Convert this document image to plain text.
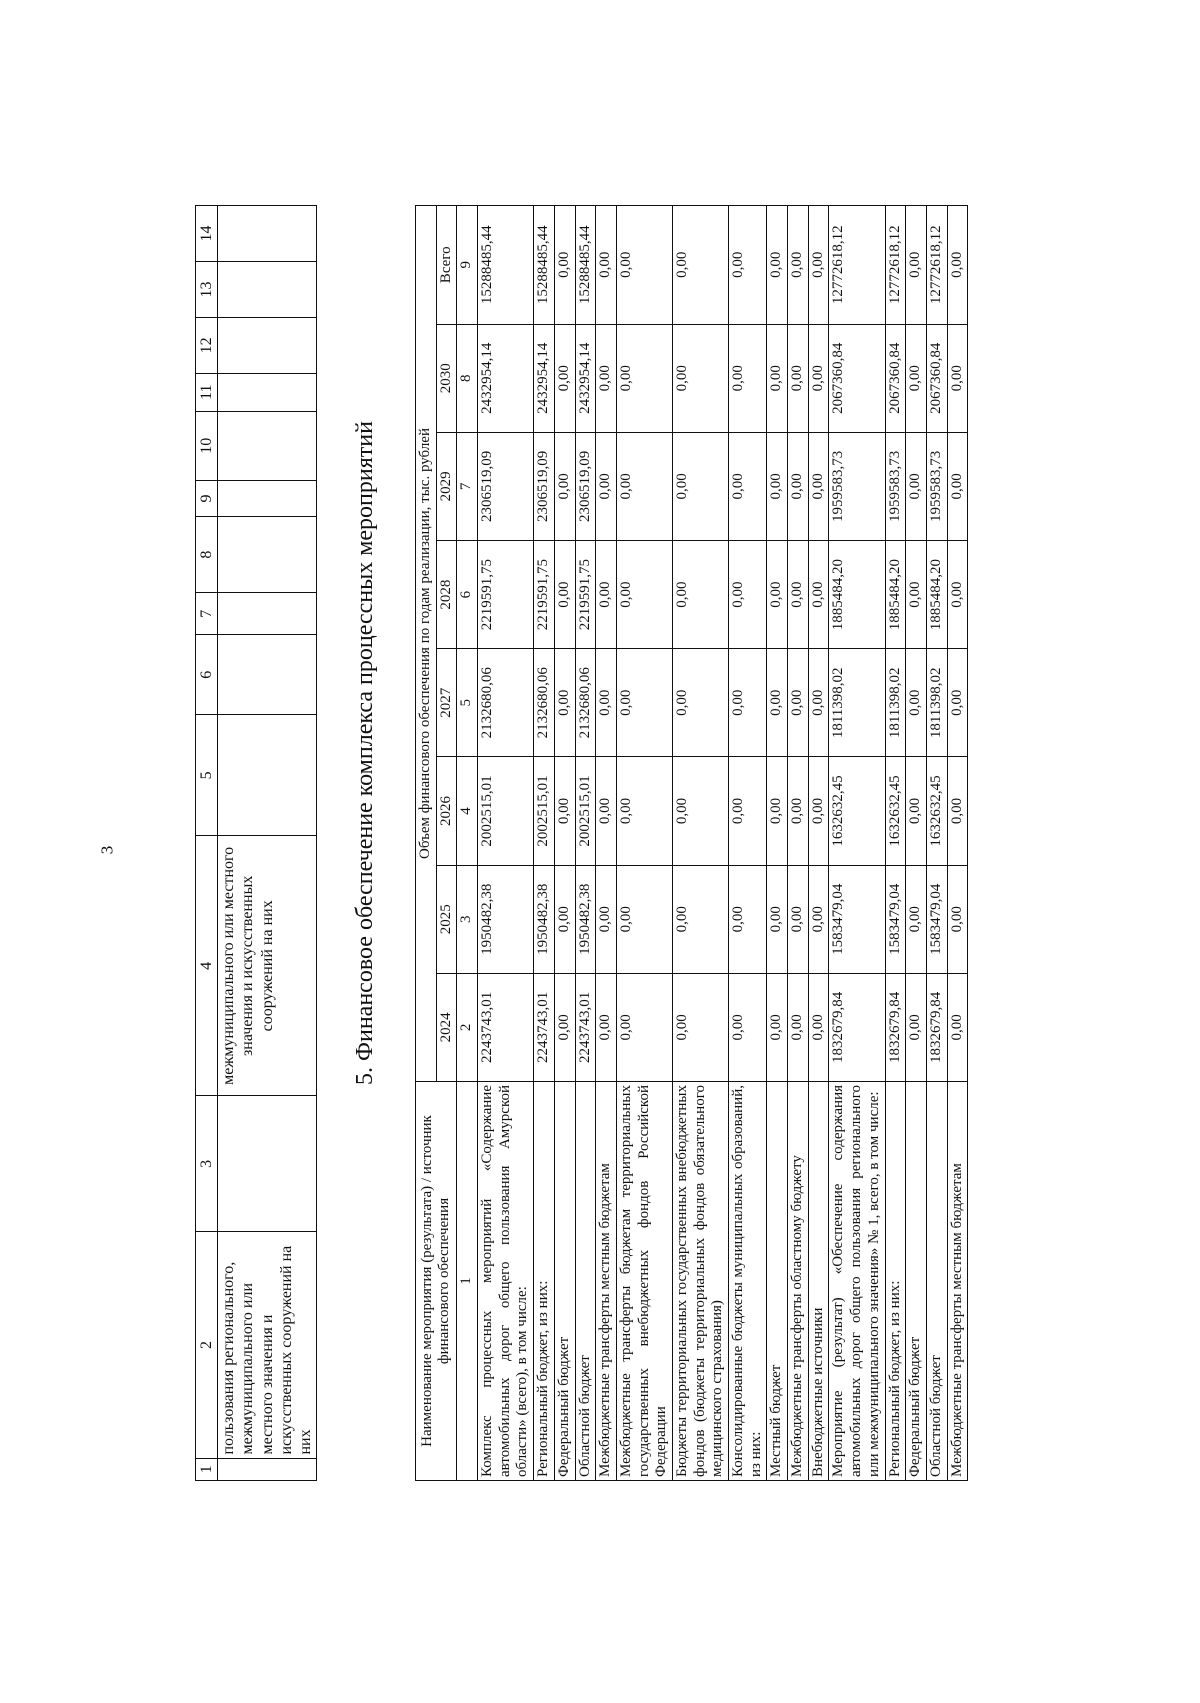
3
1	2	3	4	5	6	7	8	9	10	11	12	13	14
	пользования регионального, межмуниципального или местного значения и искусственных сооружений на них		межмуниципального или местного значения и искусственных сооружений на них											5. Финансовое обеспечение комплекса процессных мероприятий
Наименование мероприятия (результата) / источник финансового обеспечения	Объем финансового обеспечения по годам реализации, тыс. рублей							
	2024	2025	2026	2027	2028	2029	2030	Всего
1	2	3	4	5	6	7	8	9
Комплекс процессных мероприятий «Содержание автомобильных дорог общего пользования Амурской области» (всего), в том числе:	2243743,01	1950482,38	2002515,01	2132680,06	2219591,75	2306519,09	2432954,14	15288485,44
Региональный бюджет, из них:	2243743,01	1950482,38	2002515,01	2132680,06	2219591,75	2306519,09	2432954,14	15288485,44
Федеральный бюджет	0,00	0,00	0,00	0,00	0,00	0,00	0,00	0,00
Областной бюджет	2243743,01	1950482,38	2002515,01	2132680,06	2219591,75	2306519,09	2432954,14	15288485,44
Межбюджетные трансферты местным бюджетам	0,00	0,00	0,00	0,00	0,00	0,00	0,00	0,00
Межбюджетные трансферты бюджетам территориальных государственных внебюджетных фондов Российской Федерации	0,00	0,00	0,00	0,00	0,00	0,00	0,00	0,00
Бюджеты территориальных государственных внебюджетных фондов (бюджеты территориальных фондов обязательного медицинского страхования)	0,00	0,00	0,00	0,00	0,00	0,00	0,00	0,00
Консолидированные бюджеты муниципальных образований, из них:	0,00	0,00	0,00	0,00	0,00	0,00	0,00	0,00
Местный бюджет	0,00	0,00	0,00	0,00	0,00	0,00	0,00	0,00
Межбюджетные трансферты областному бюджету	0,00	0,00	0,00	0,00	0,00	0,00	0,00	0,00
Внебюджетные источники	0,00	0,00	0,00	0,00	0,00	0,00	0,00	0,00
Мероприятие (результат) «Обеспечение содержания автомобильных дорог общего пользования регионального или межмуниципального значения» № 1, всего, в том числе:	1832679,84	1583479,04	1632632,45	1811398,02	1885484,20	1959583,73	2067360,84	12772618,12
Региональный бюджет, из них:	1832679,84	1583479,04	1632632,45	1811398,02	1885484,20	1959583,73	2067360,84	12772618,12
Федеральный бюджет	0,00	0,00	0,00	0,00	0,00	0,00	0,00	0,00
Областной бюджет	1832679,84	1583479,04	1632632,45	1811398,02	1885484,20	1959583,73	2067360,84	12772618,12
Межбюджетные трансферты местным бюджетам	0,00	0,00	0,00	0,00	0,00	0,00	0,00	0,00
